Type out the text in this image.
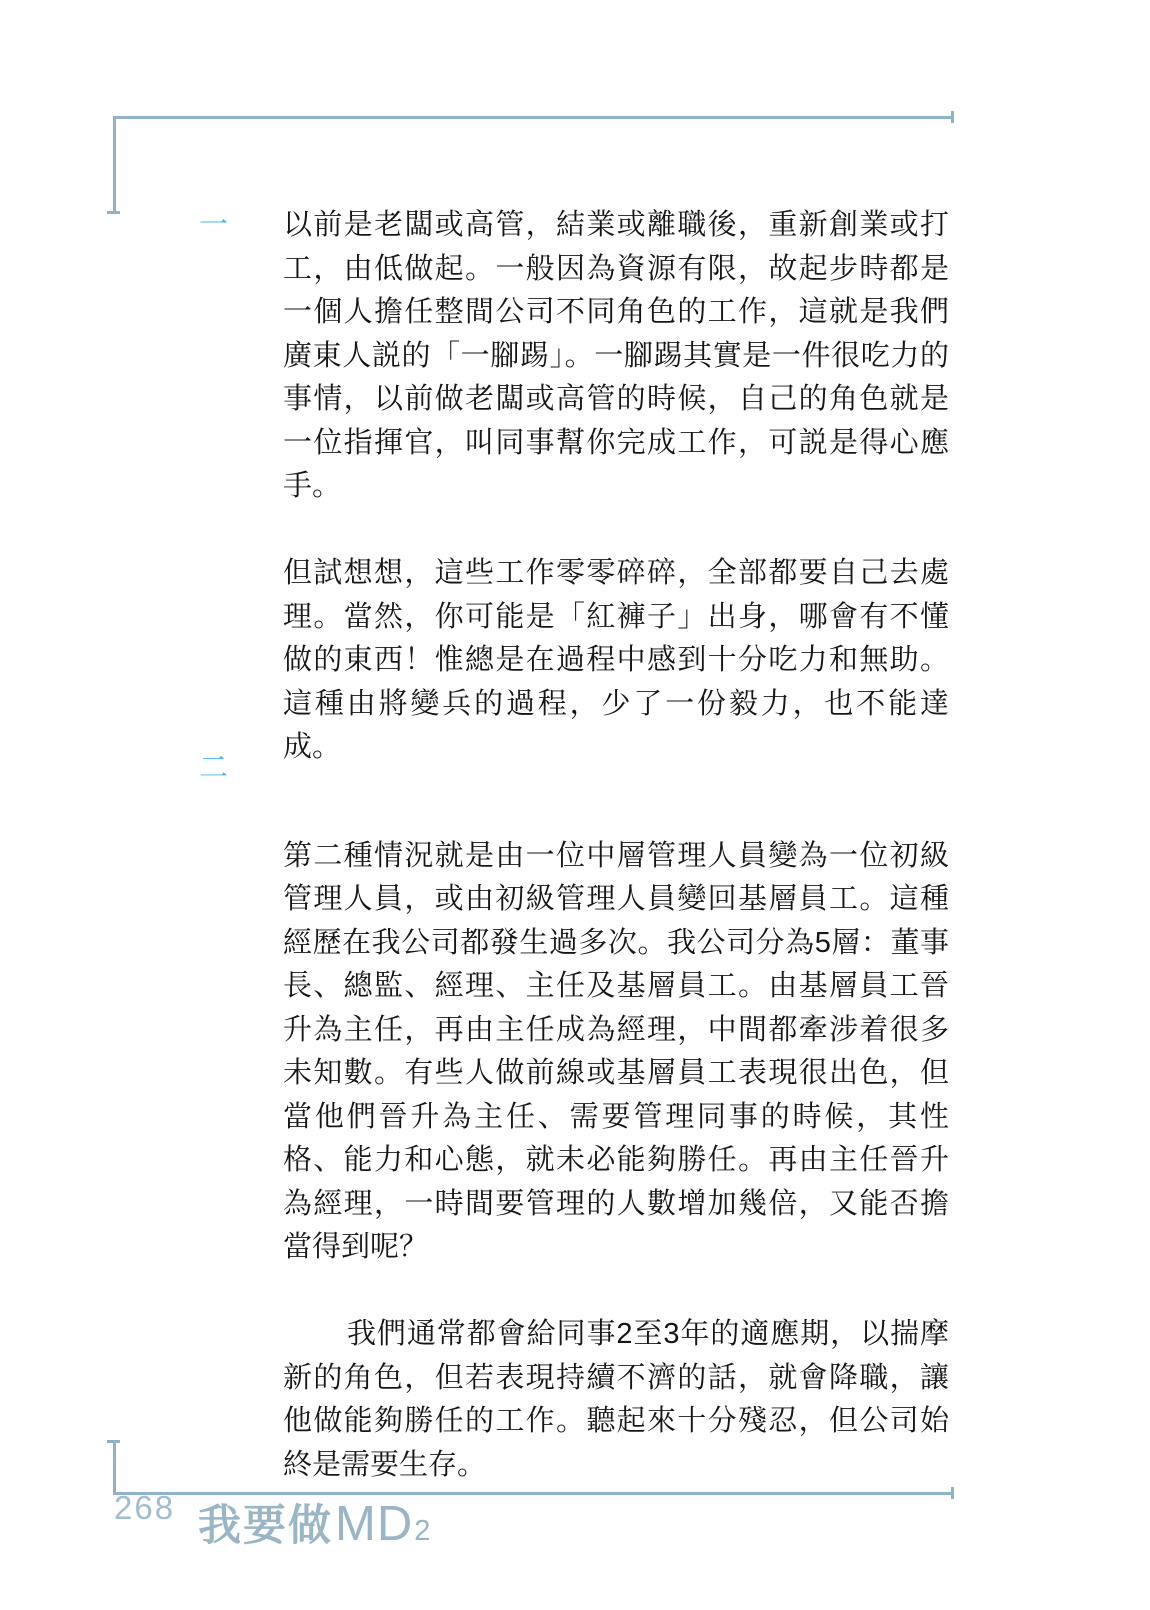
一
二

以前是老闆或高管，結業或離職後，重新創業或打工，由低做起。一般因為資源有限，故起步時都是一個人擔任整間公司不同角色的工作，這就是我們廣東人説的「一腳踢」。一腳踢其實是一件很吃力的事情，以前做老闆或高管的時候，自己的角色就是一位指揮官，叫同事幫你完成工作，可説是得心應手。

但試想想，這些工作零零碎碎，全部都要自己去處理。當然，你可能是「紅褲子」出身，哪會有不懂做的東西！惟總是在過程中感到十分吃力和無助。這種由將變兵的過程，少了一份毅力，也不能達成。

第二種情況就是由一位中層管理人員變為一位初級管理人員，或由初級管理人員變回基層員工。這種經歷在我公司都發生過多次。我公司分為5層：董事長、總監、經理、主任及基層員工。由基層員工晉升為主任，再由主任成為經理，中間都牽涉着很多未知數。有些人做前線或基層員工表現很出色，但當他們晉升為主任、需要管理同事的時候，其性格、能力和心態，就未必能夠勝任。再由主任晉升為經理，一時間要管理的人數增加幾倍，又能否擔當得到呢？

我們通常都會給同事2至3年的適應期，以揣摩新的角色，但若表現持續不濟的話，就會降職，讓他做能夠勝任的工作。聽起來十分殘忍，但公司始終是需要生存。

268 我要做 MD 2
